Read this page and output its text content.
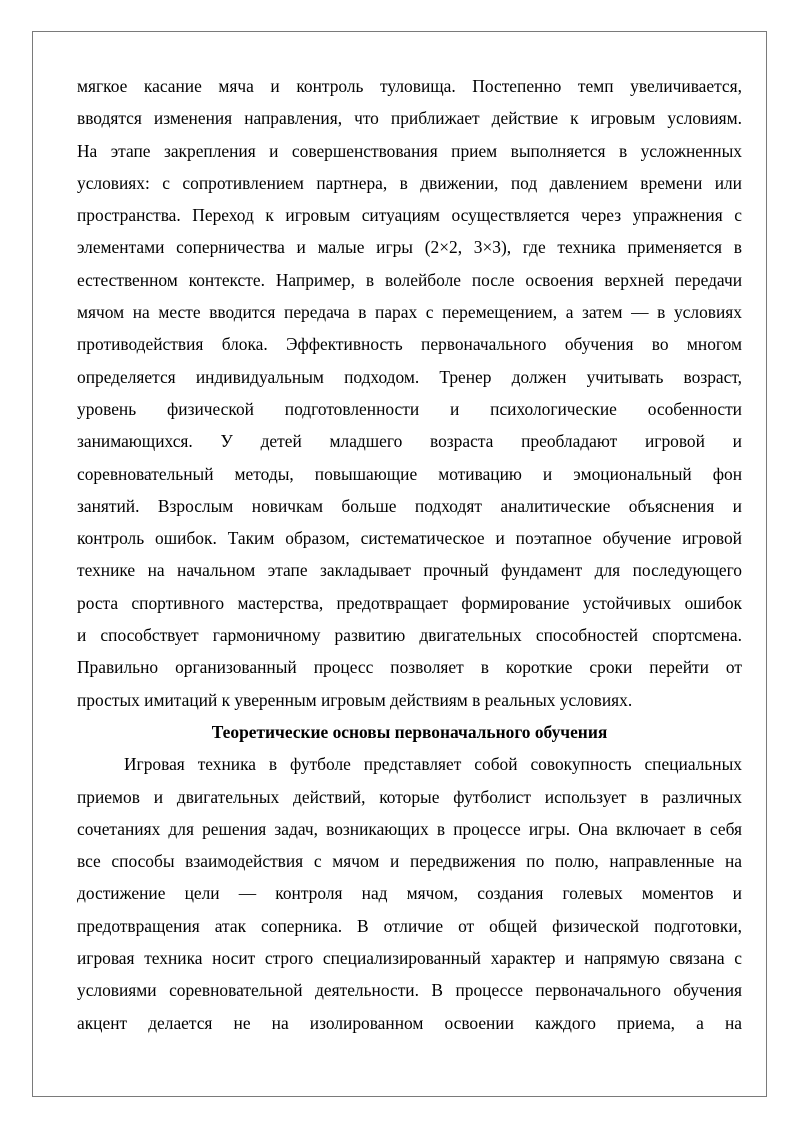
мягкое касание мяча и контроль туловища. Постепенно темп увеличивается,
вводятся изменения направления, что приближает действие к игровым условиям.
На этапе закрепления и совершенствования прием выполняется в усложненных
условиях: с сопротивлением партнера, в движении, под давлением времени или
пространства. Переход к игровым ситуациям осуществляется через упражнения с
элементами соперничества и малые игры (2×2, 3×3), где техника применяется в
естественном контексте. Например, в волейболе после освоения верхней передачи
мячом на месте вводится передача в парах с перемещением, а затем — в условиях
противодействия блока. Эффективность первоначального обучения во многом
определяется индивидуальным подходом. Тренер должен учитывать возраст,
уровень физической подготовленности и психологические особенности
занимающихся. У детей младшего возраста преобладают игровой и
соревновательный методы, повышающие мотивацию и эмоциональный фон
занятий. Взрослым новичкам больше подходят аналитические объяснения и
контроль ошибок. Таким образом, систематическое и поэтапное обучение игровой
технике на начальном этапе закладывает прочный фундамент для последующего
роста спортивного мастерства, предотвращает формирование устойчивых ошибок
и способствует гармоничному развитию двигательных способностей спортсмена.
Правильно организованный процесс позволяет в короткие сроки перейти от
простых имитаций к уверенным игровым действиям в реальных условиях.
Теоретические основы первоначального обучения
Игровая техника в футболе представляет собой совокупность специальных
приемов и двигательных действий, которые футболист использует в различных
сочетаниях для решения задач, возникающих в процессе игры. Она включает в себя
все способы взаимодействия с мячом и передвижения по полю, направленные на
достижение цели — контроля над мячом, создания голевых моментов и
предотвращения атак соперника. В отличие от общей физической подготовки,
игровая техника носит строго специализированный характер и напрямую связана с
условиями соревновательной деятельности. В процессе первоначального обучения
акцент делается не на изолированном освоении каждого приема, а на
